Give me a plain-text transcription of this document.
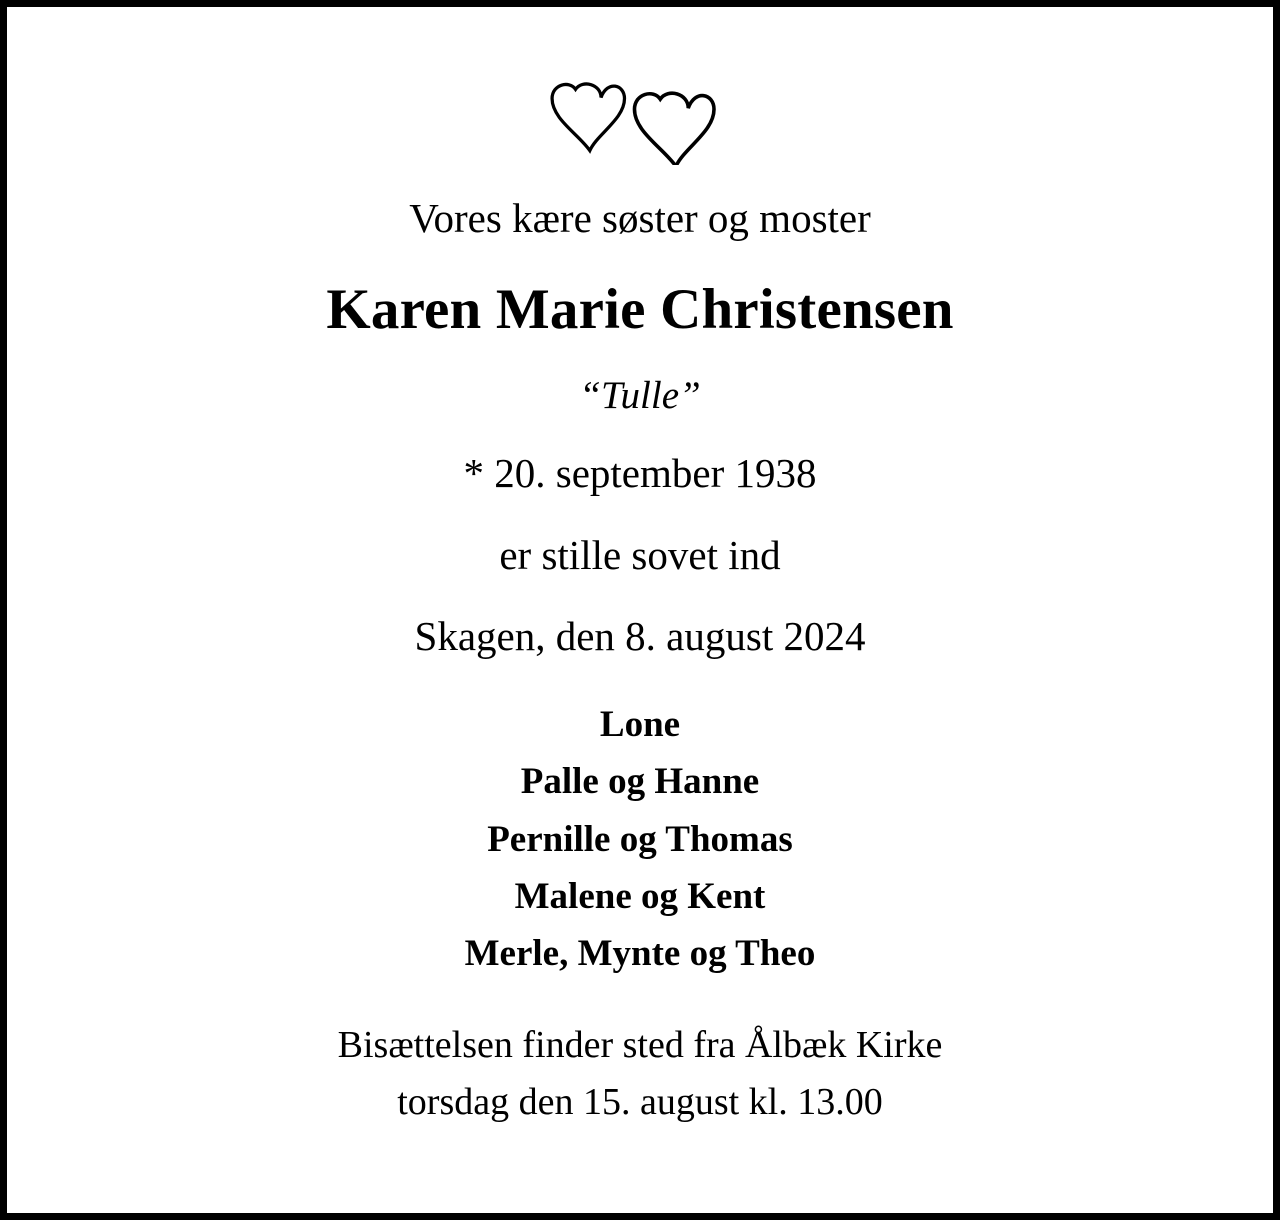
Vores kære søster og moster
Karen Marie Christensen
“Tulle”
* 20. september 1938
er stille sovet ind
Skagen, den 8. august 2024
Lone
Palle og Hanne
Pernille og Thomas
Malene og Kent
Merle, Mynte og Theo
Bisættelsen finder sted fra Ålbæk Kirke
torsdag den 15. august kl. 13.00
